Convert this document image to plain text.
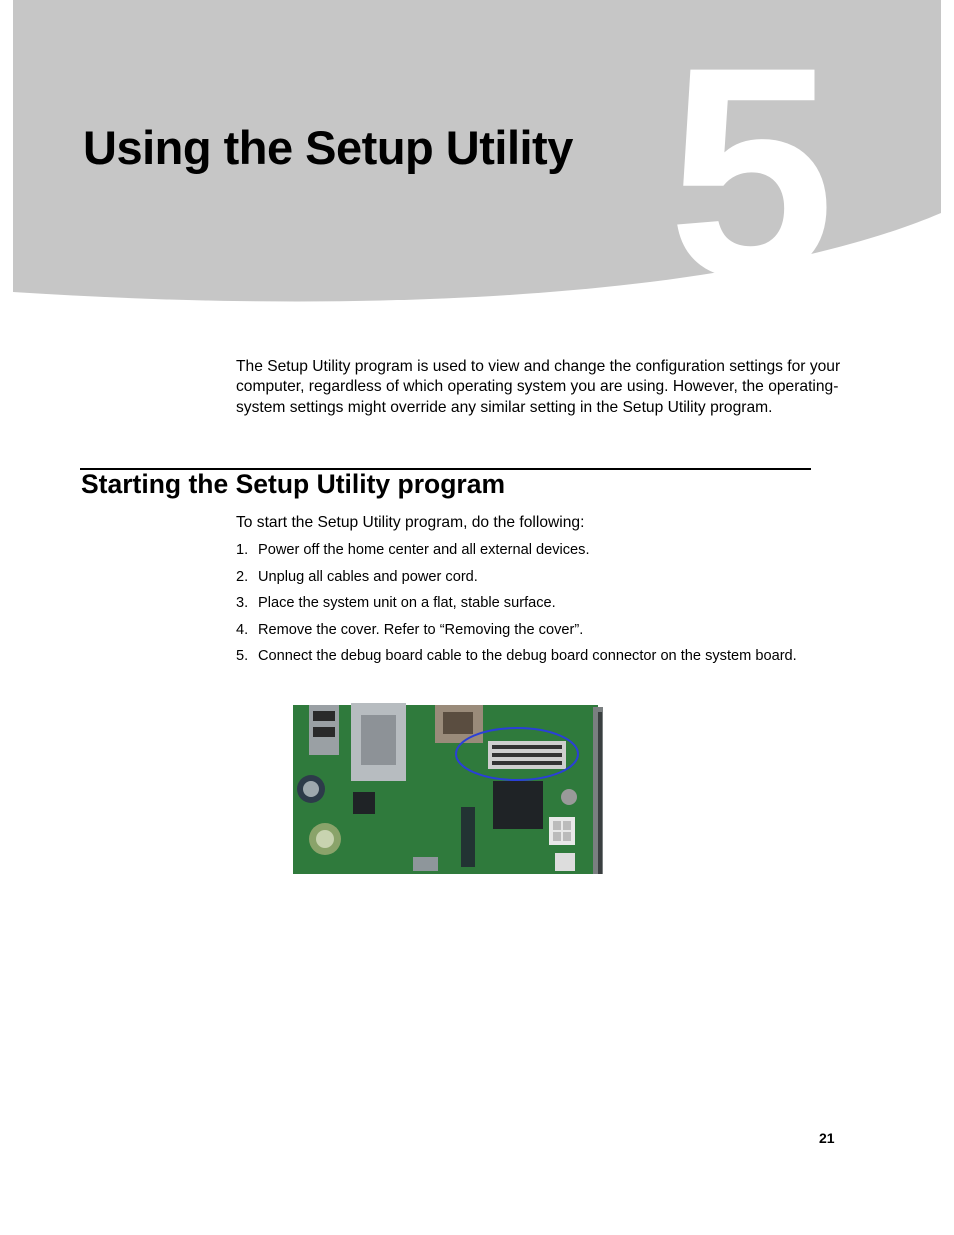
5
Using the Setup Utility

The Setup Utility program is used to view and change the configuration settings for your computer, regardless of which operating system you are using. However, the operating-system settings might override any similar setting in the Setup Utility program.

Starting the Setup Utility program

To start the Setup Utility program, do the following:

1. Power off the home center and all external devices.
2. Unplug all cables and power cord.
3. Place the system unit on a flat, stable surface.
4. Remove the cover. Refer to “Removing the cover”.
5. Connect the debug board cable to the debug board connector on the system board.
21
